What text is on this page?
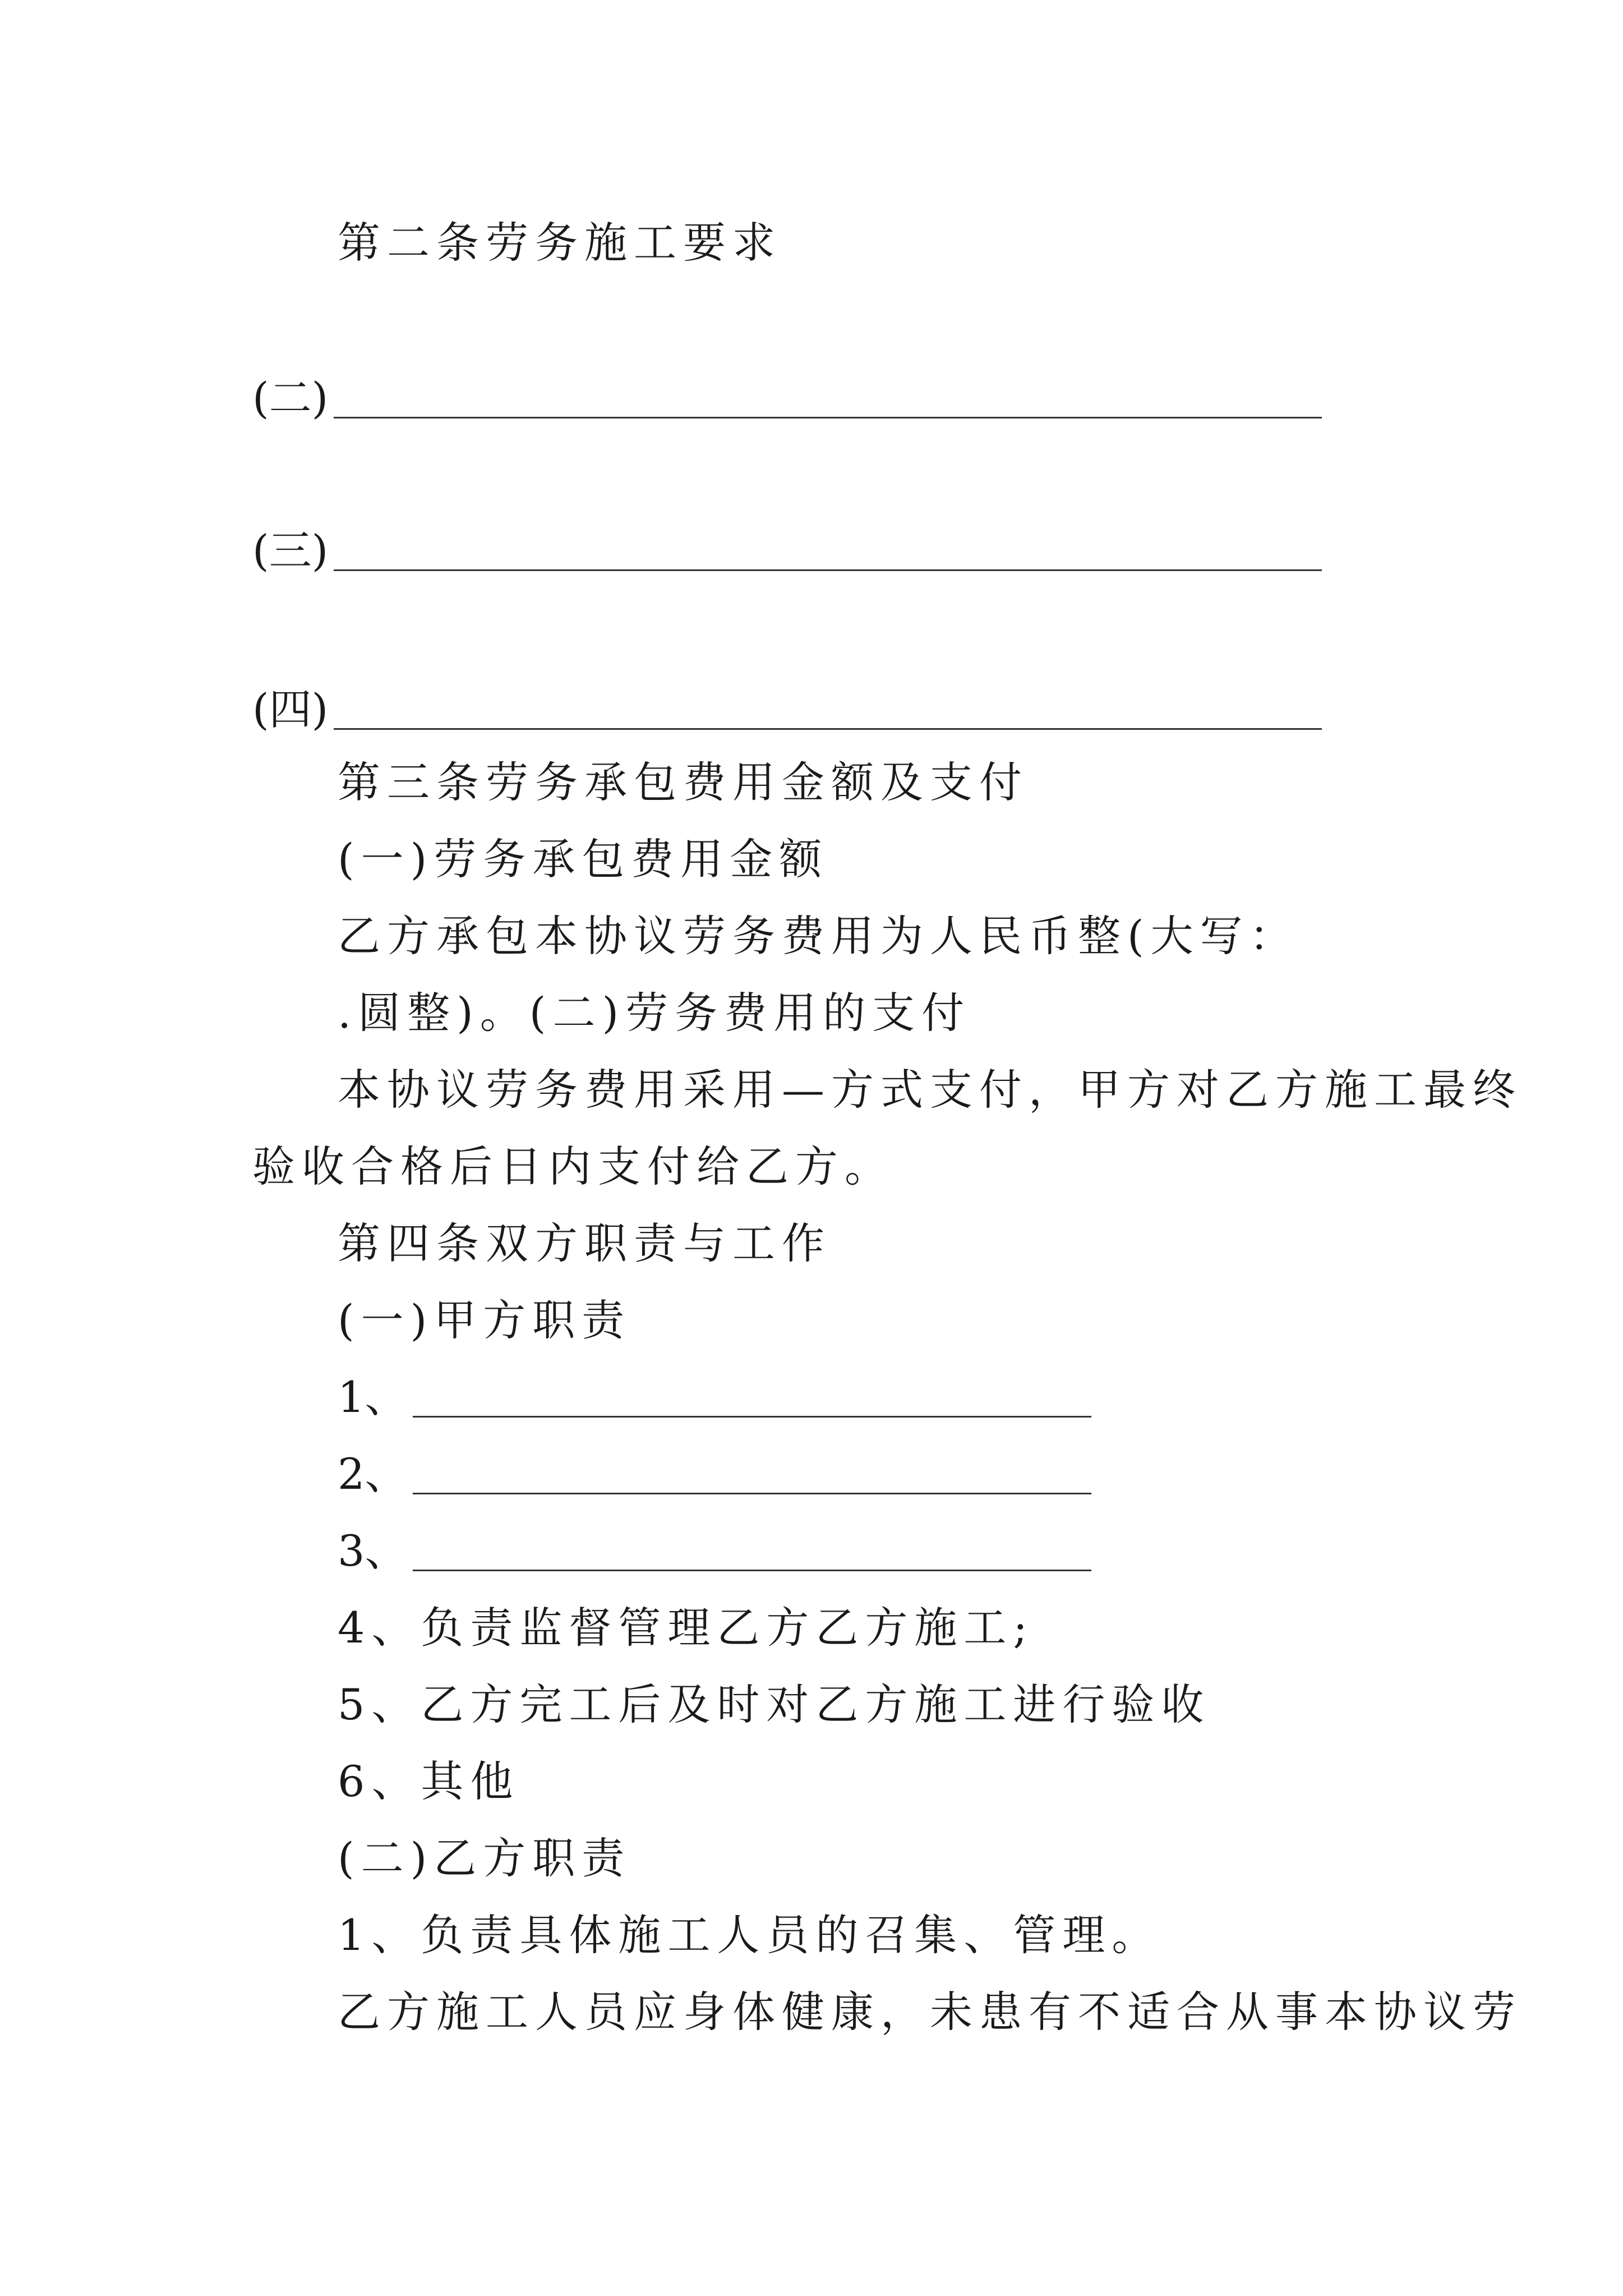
第二条劳务施工要求
(二)
(三)
(四)
第三条劳务承包费用金额及支付
(一)劳务承包费用金额
乙方承包本协议劳务费用为人民币整(大写：
.圆整)。(二)劳务费用的支付
本协议劳务费用采用—方式支付，甲方对乙方施工最终
验收合格后日内支付给乙方。
第四条双方职责与工作
(一)甲方职责
1、
2、
3、
4、负责监督管理乙方乙方施工;
5、乙方完工后及时对乙方施工进行验收
6、其他
(二)乙方职责
1、负责具体施工人员的召集、管理。
乙方施工人员应身体健康，未患有不适合从事本协议劳
